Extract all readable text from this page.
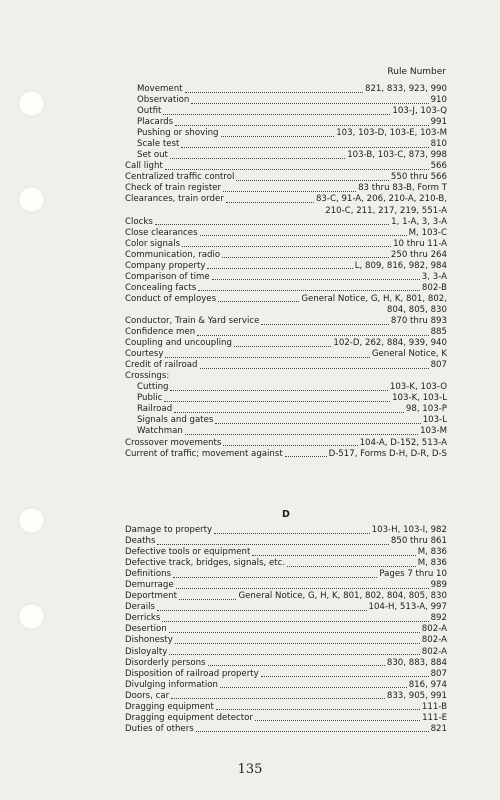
Rule Number
Movement	821, 833, 923, 990
Observation	910
Outfit	103-J, 103-Q
Placards	991
Pushing or shoving	103, 103-D, 103-E, 103-M
Scale test	810
Set out	103-B, 103-C, 873, 998
Call light	566
Centralized traffic control	550 thru 566
Check of train register	83 thru 83-B, Form T
Clearances, train order	83-C, 91-A, 206, 210-A, 210-B,
210-C, 211, 217, 219, 551-A
Clocks	1, 1-A, 3, 3-A
Close clearances	M, 103-C
Color signals	10 thru 11-A
Communication, radio	250 thru 264
Company property	L, 809, 816, 982, 984
Comparison of time	3, 3-A
Concealing facts	802-B
Conduct of employes	General Notice, G, H, K, 801, 802,
804, 805, 830
Conductor, Train & Yard service	870 thru 893
Confidence men	885
Coupling and uncoupling	102-D, 262, 884, 939, 940
Courtesy	General Notice, K
Credit of railroad	807
Crossings:
Cutting	103-K, 103-O
Public	103-K, 103-L
Railroad	98, 103-P
Signals and gates	103-L
Watchman	103-M
Crossover movements	104-A, D-152, 513-A
Current of traffic; movement against	D-517, Forms D-H, D-R, D-S
D
Damage to property	103-H, 103-I, 982
Deaths	850 thru 861
Defective tools or equipment	M, 836
Defective track, bridges, signals, etc.	M, 836
Definitions	Pages 7 thru 10
Demurrage	989
Deportment	General Notice, G, H, K, 801, 802, 804, 805, 830
Derails	104-H, 513-A, 997
Derricks	892
Desertion	802-A
Dishonesty	802-A
Disloyalty	802-A
Disorderly persons	830, 883, 884
Disposition of railroad property	807
Divulging information	816, 974
Doors, car	833, 905, 991
Dragging equipment	111-B
Dragging equipment detector	111-E
Duties of others	821
135
